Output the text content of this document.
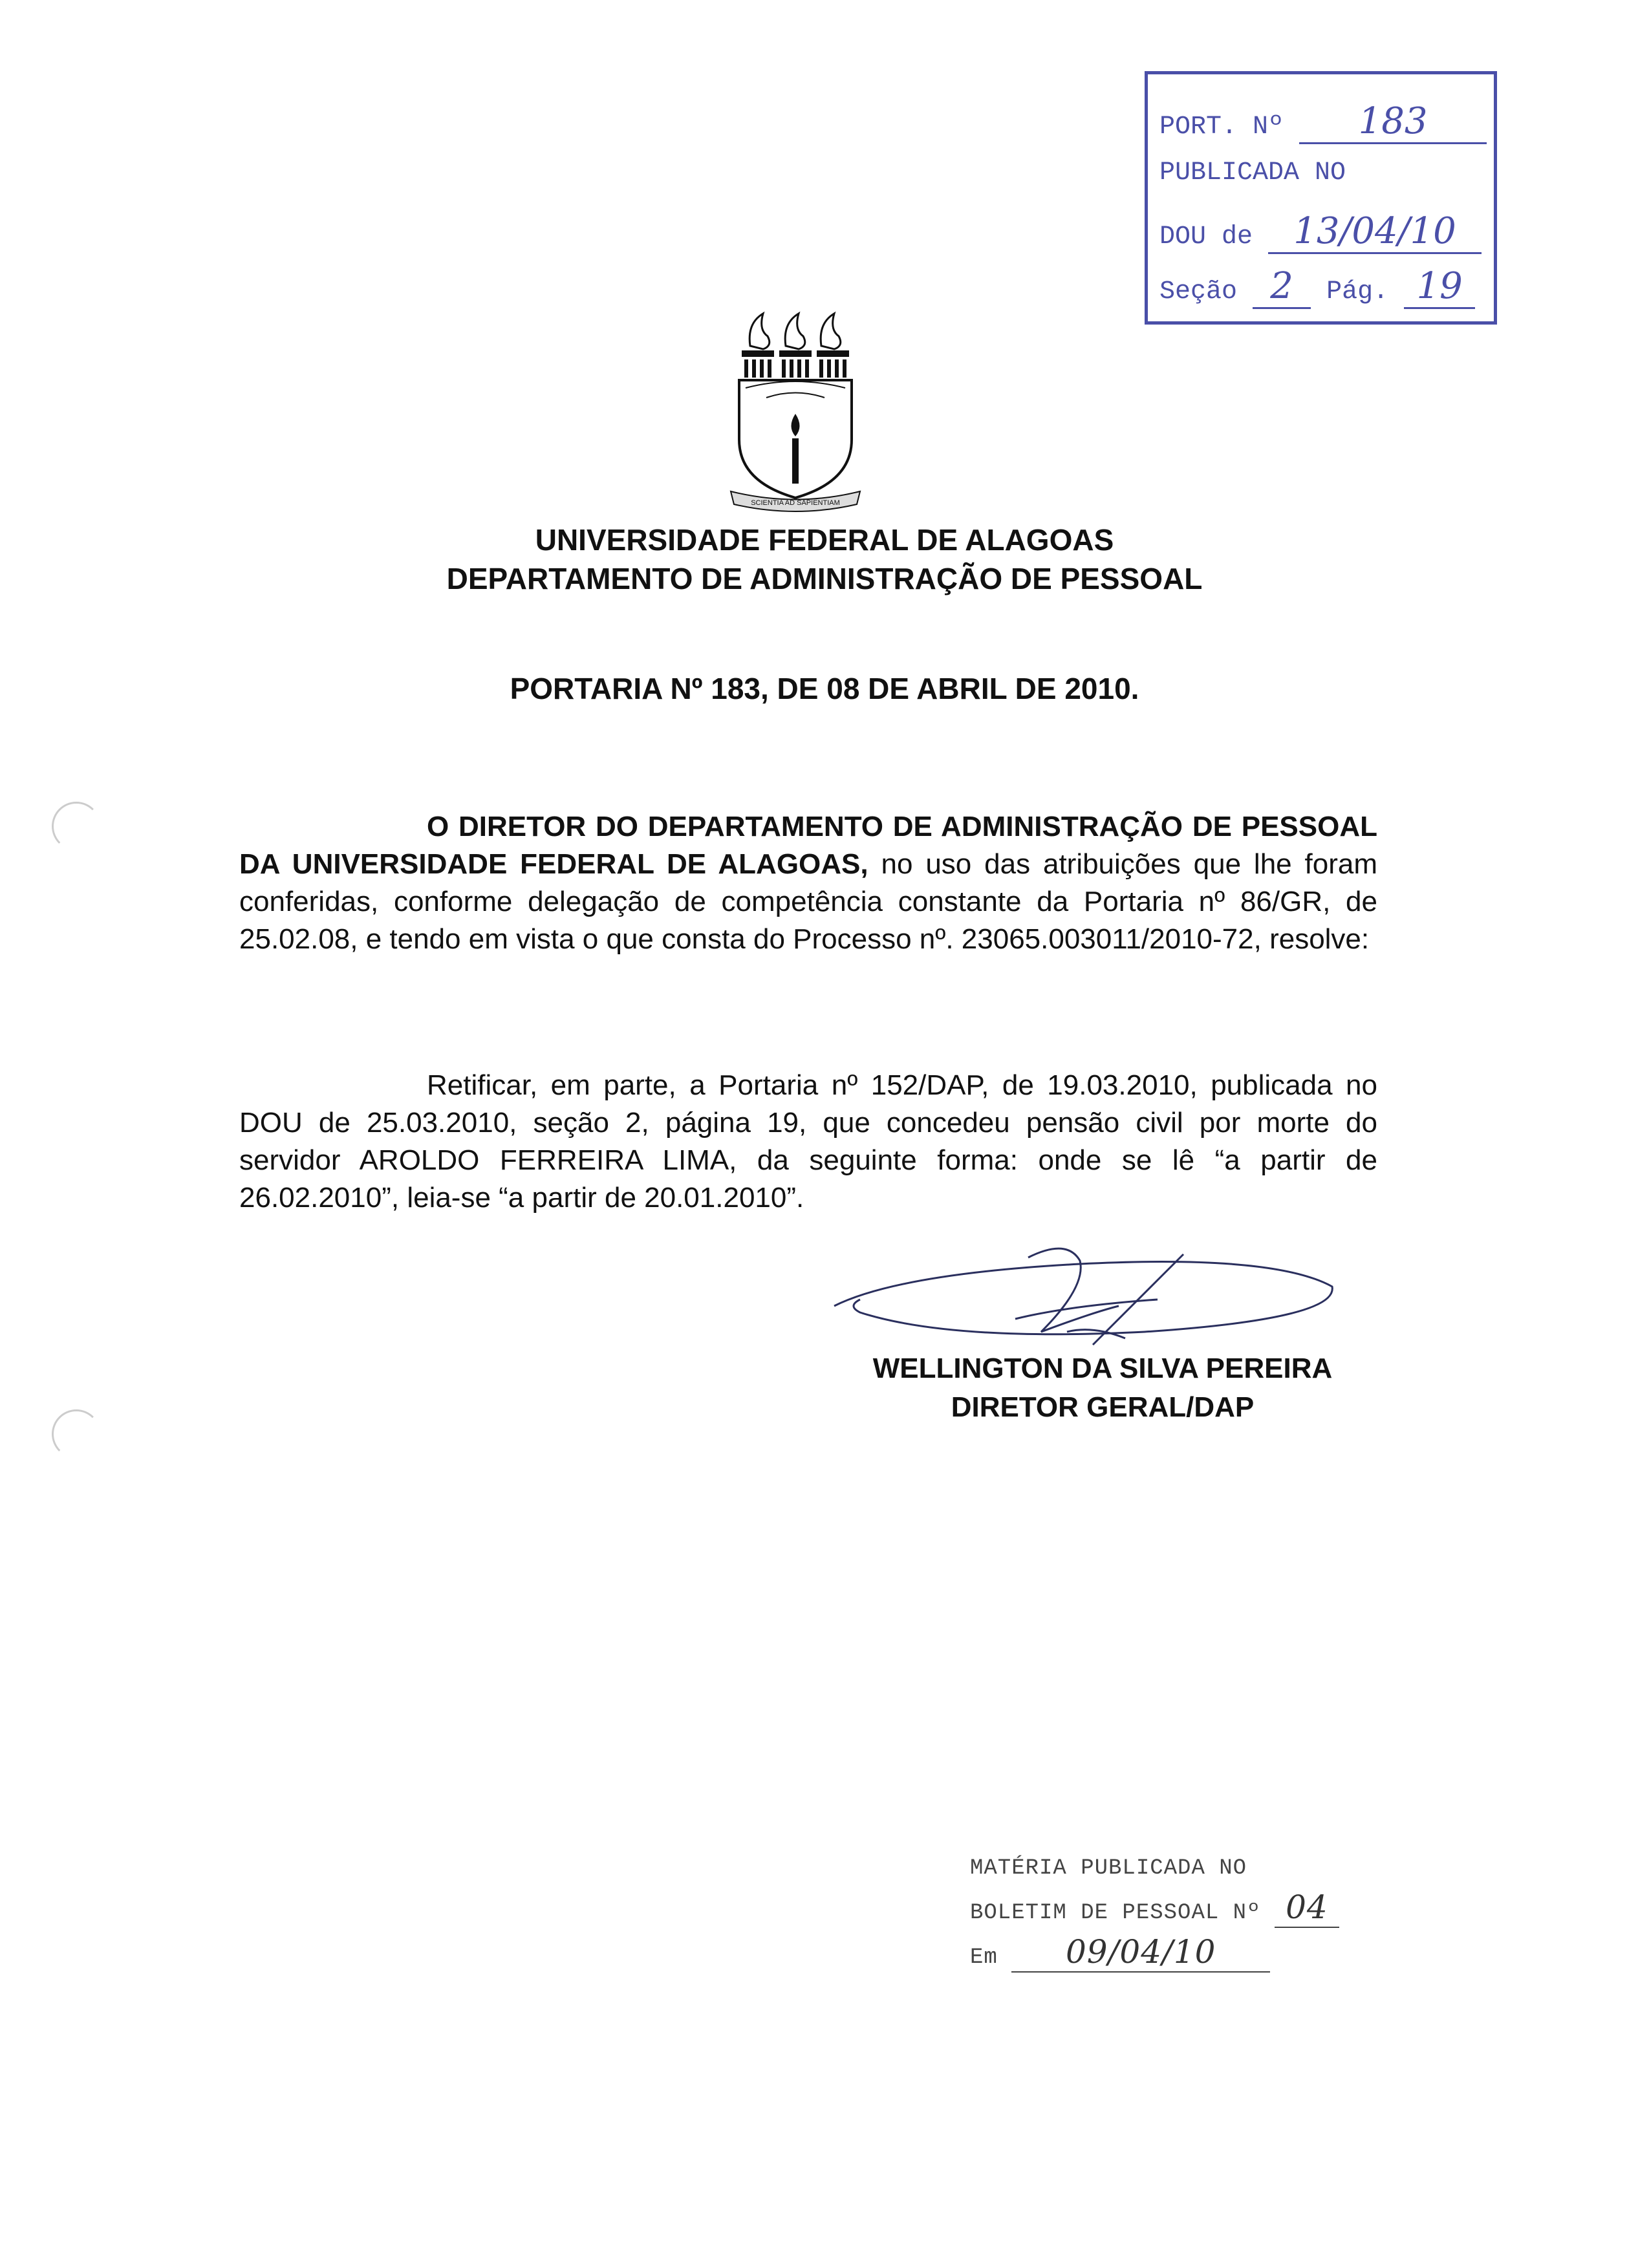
PORT. Nº 183
PUBLICADA NO
DOU de 13/04/10
Seção 2 Pág. 19
SCIENTIA AD SAPIENTIAM
UNIVERSIDADE FEDERAL DE ALAGOAS
DEPARTAMENTO DE ADMINISTRAÇÃO DE PESSOAL
PORTARIA Nº 183, DE 08 DE ABRIL DE 2010.
O DIRETOR DO DEPARTAMENTO DE ADMINISTRAÇÃO DE PESSOAL DA UNIVERSIDADE FEDERAL DE ALAGOAS, no uso das atribuições que lhe foram conferidas, conforme delegação de competência constante da Portaria nº 86/GR, de 25.02.08, e tendo em vista o que consta do Processo nº. 23065.003011/2010-72, resolve:
Retificar, em parte, a Portaria nº 152/DAP, de 19.03.2010, publicada no DOU de 25.03.2010, seção 2, página 19, que concedeu pensão civil por morte do servidor AROLDO FERREIRA LIMA, da seguinte forma: onde se lê “a partir de 26.02.2010”, leia-se “a partir de 20.01.2010”.
WELLINGTON DA SILVA PEREIRA
DIRETOR GERAL/DAP
MATÉRIA PUBLICADA NO
BOLETIM DE PESSOAL Nº 04
Em 09/04/10
